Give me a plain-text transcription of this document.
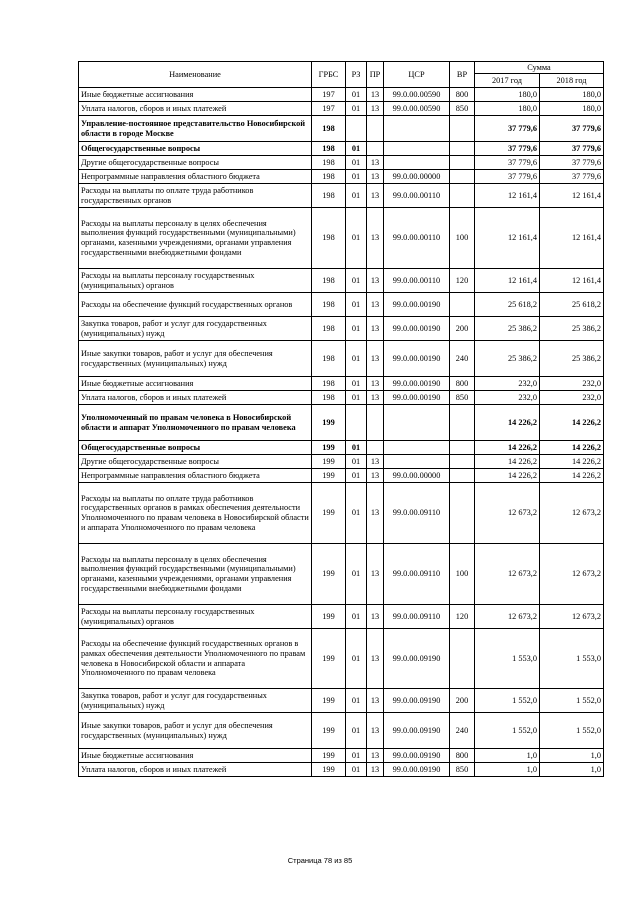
Наименование	ГРБС	РЗ	ПР	ЦСР	ВР	Сумма	
						2017 год	2018 год
Иные бюджетные ассигнования	197	01	13	99.0.00.00590	800	180,0	180,0
Уплата налогов, сборов и иных платежей	197	01	13	99.0.00.00590	850	180,0	180,0
Управление-постоянное представительство Новосибирской области в городе Москве	198					37 779,6	37 779,6
Общегосударственные вопросы	198	01				37 779,6	37 779,6
Другие общегосударственные вопросы	198	01	13			37 779,6	37 779,6
Непрограммные направления областного бюджета	198	01	13	99.0.00.00000		37 779,6	37 779,6
Расходы на выплаты по оплате труда работников государственных органов	198	01	13	99.0.00.00110		12 161,4	12 161,4
Расходы на выплаты персоналу в целях обеспечения выполнения функций государственными (муниципальными) органами, казенными учреждениями, органами управления государственными внебюджетными фондами	198	01	13	99.0.00.00110	100	12 161,4	12 161,4
Расходы на выплаты персоналу государственных (муниципальных) органов	198	01	13	99.0.00.00110	120	12 161,4	12 161,4
Расходы на обеспечение функций государственных органов	198	01	13	99.0.00.00190		25 618,2	25 618,2
Закупка товаров, работ и услуг для государственных (муниципальных) нужд	198	01	13	99.0.00.00190	200	25 386,2	25 386,2
Иные закупки товаров, работ и услуг для обеспечения государственных (муниципальных) нужд	198	01	13	99.0.00.00190	240	25 386,2	25 386,2
Иные бюджетные ассигнования	198	01	13	99.0.00.00190	800	232,0	232,0
Уплата налогов, сборов и иных платежей	198	01	13	99.0.00.00190	850	232,0	232,0
Уполномоченный по правам человека в Новосибирской области и аппарат Уполномоченного по правам человека	199					14 226,2	14 226,2
Общегосударственные вопросы	199	01				14 226,2	14 226,2
Другие общегосударственные вопросы	199	01	13			14 226,2	14 226,2
Непрограммные направления областного бюджета	199	01	13	99.0.00.00000		14 226,2	14 226,2
Расходы на выплаты по оплате труда работников государственных органов в рамках обеспечения деятельности Уполномоченного по правам человека в Новосибирской области и аппарата Уполномоченного по правам человека	199	01	13	99.0.00.09110		12 673,2	12 673,2
Расходы на выплаты персоналу в целях обеспечения выполнения функций государственными (муниципальными) органами, казенными учреждениями, органами управления государственными внебюджетными фондами	199	01	13	99.0.00.09110	100	12 673,2	12 673,2
Расходы на выплаты персоналу государственных (муниципальных) органов	199	01	13	99.0.00.09110	120	12 673,2	12 673,2
Расходы на обеспечение функций государственных органов в рамках обеспечения деятельности Уполномоченного по правам человека в Новосибирской области и аппарата Уполномоченного по правам человека	199	01	13	99.0.00.09190		1 553,0	1 553,0
Закупка товаров, работ и услуг для государственных (муниципальных) нужд	199	01	13	99.0.00.09190	200	1 552,0	1 552,0
Иные закупки товаров, работ и услуг для обеспечения государственных (муниципальных) нужд	199	01	13	99.0.00.09190	240	1 552,0	1 552,0
Иные бюджетные ассигнования	199	01	13	99.0.00.09190	800	1,0	1,0
Уплата налогов, сборов и иных платежей	199	01	13	99.0.00.09190	850	1,0	1,0
Страница 78 из 85
